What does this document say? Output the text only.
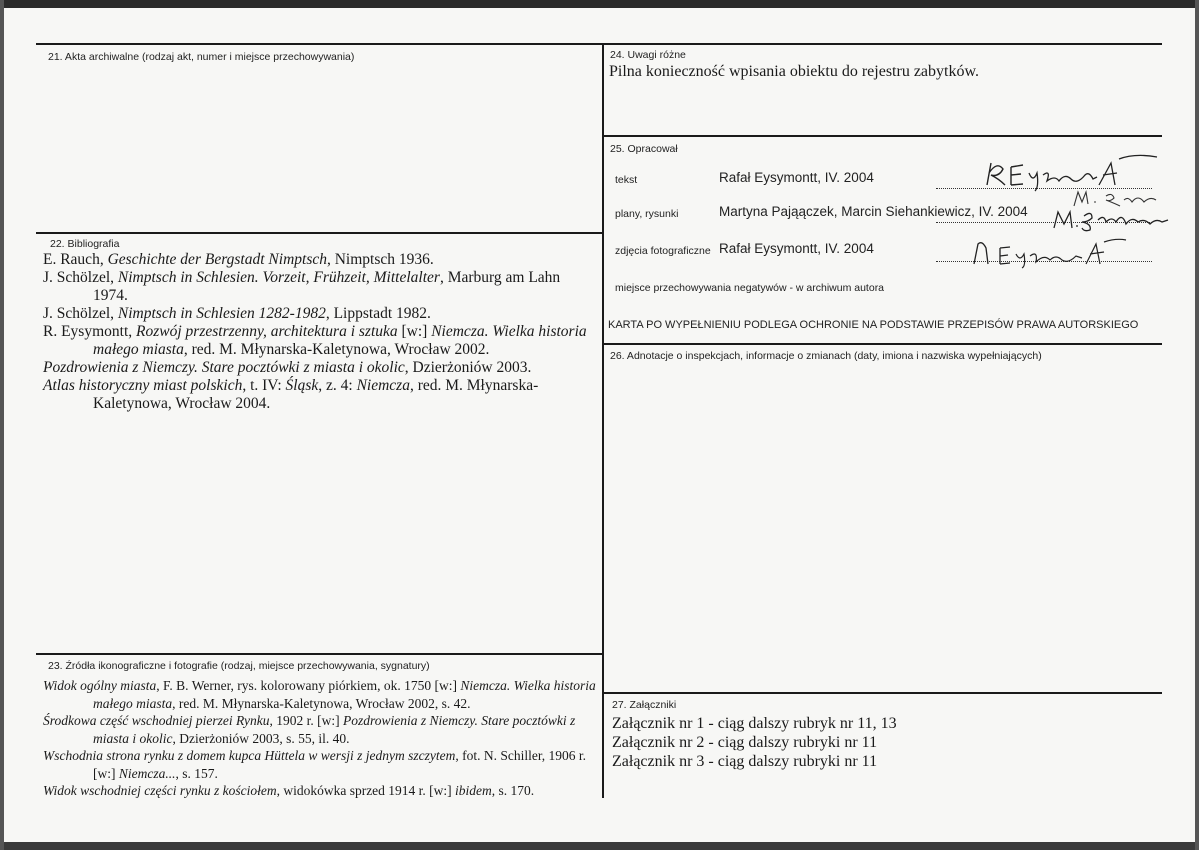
21. Akta archiwalne (rodzaj akt, numer i miejsce przechowywania)
22. Bibliografia

E. Rauch, Geschichte der Bergstadt Nimptsch, Nimptsch 1936.

J. Schölzel, Nimptsch in Schlesien. Vorzeit, Frühzeit, Mittelalter, Marburg am Lahn 1974.

J. Schölzel, Nimptsch in Schlesien 1282-1982, Lippstadt 1982.

R. Eysymontt, Rozwój przestrzenny, architektura i sztuka [w:] Niemcza. Wielka historia małego miasta, red. M. Młynarska-Kaletynowa, Wrocław 2002.

Pozdrowienia z Niemczy. Stare pocztówki z miasta i okolic, Dzierżoniów 2003.

Atlas historyczny miast polskich, t. IV: Śląsk, z. 4: Niemcza, red. M. Młynarska-Kaletynowa, Wrocław 2004.

23. Źródła ikonograficzne i fotografie (rodzaj, miejsce przechowywania, sygnatury)

Widok ogólny miasta, F. B. Werner, rys. kolorowany piórkiem, ok. 1750 [w:] Niemcza. Wielka historia małego miasta, red. M. Młynarska-Kaletynowa, Wrocław 2002, s. 42.

Środkowa część wschodniej pierzei Rynku, 1902 r. [w:] Pozdrowienia z Niemczy. Stare pocztówki z miasta i okolic, Dzierżoniów 2003, s. 55, il. 40.

Wschodnia strona rynku z domem kupca Hüttela w wersji z jednym szczytem, fot. N. Schiller, 1906 r. [w:] Niemcza..., s. 157.

Widok wschodniej części rynku z kościołem, widokówka sprzed 1914 r. [w:] ibidem, s. 170.

24. Uwagi różne
Pilna konieczność wpisania obiektu do rejestru zabytków.
25. Opracował
tekst	Rafał Eysymontt, IV. 2004
plany, rysunki	Martyna Pająączek, Marcin Siehankiewicz, IV. 2004
zdjęcia fotograficzne Rafał Eysymontt, IV. 2004
miejsce przechowywania negatywów - w archiwum autora
KARTA PO WYPEŁNIENIU PODLEGA OCHRONIE NA PODSTAWIE PRZEPISÓW PRAWA AUTORSKIEGO
26. Adnotacje o inspekcjach, informacje o zmianach (daty, imiona i nazwiska wypełniających)
27. Załączniki
Załącznik nr 1 - ciąg dalszy rubryk nr 11, 13
Załącznik nr 2 - ciąg dalszy rubryki nr 11
Załącznik nr 3 - ciąg dalszy rubryki nr 11
